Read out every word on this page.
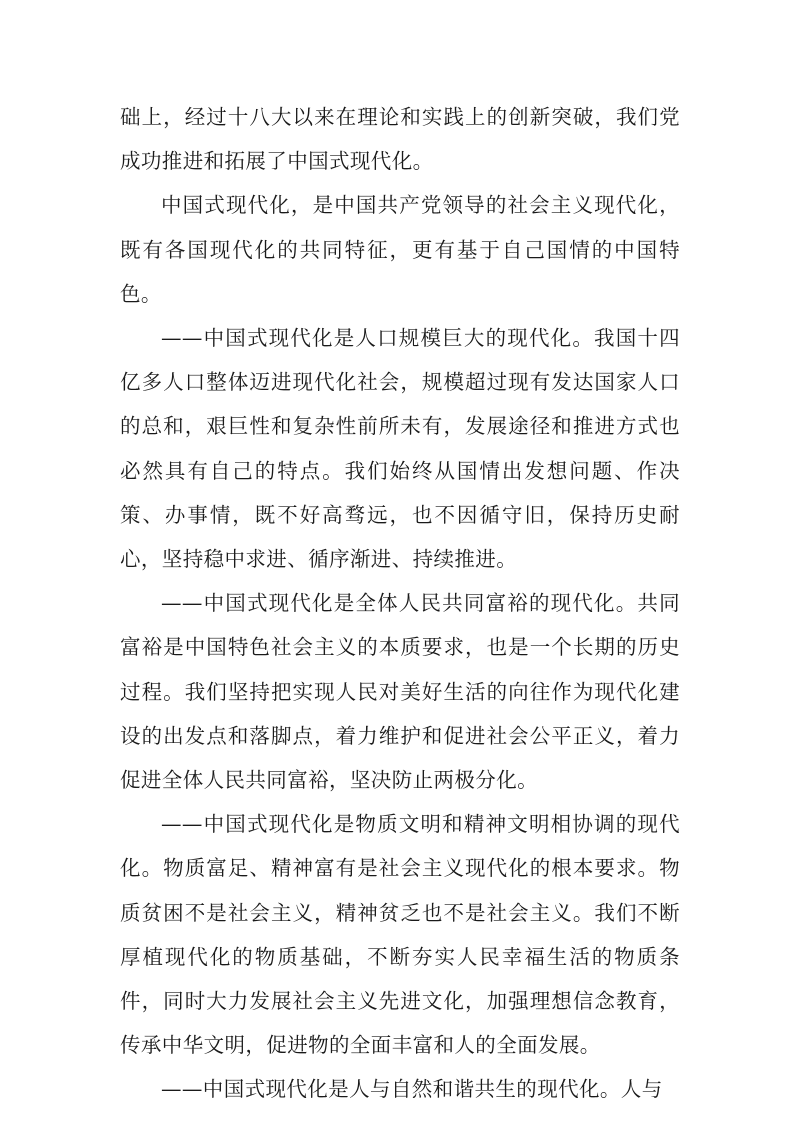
础上，经过十八大以来在理论和实践上的创新突破，我们党成功推进和拓展了中国式现代化。

中国式现代化，是中国共产党领导的社会主义现代化，既有各国现代化的共同特征，更有基于自己国情的中国特色。

——中国式现代化是人口规模巨大的现代化。我国十四亿多人口整体迈进现代化社会，规模超过现有发达国家人口的总和，艰巨性和复杂性前所未有，发展途径和推进方式也必然具有自己的特点。我们始终从国情出发想问题、作决策、办事情，既不好高骛远，也不因循守旧，保持历史耐心，坚持稳中求进、循序渐进、持续推进。

——中国式现代化是全体人民共同富裕的现代化。共同富裕是中国特色社会主义的本质要求，也是一个长期的历史过程。我们坚持把实现人民对美好生活的向往作为现代化建设的出发点和落脚点，着力维护和促进社会公平正义，着力促进全体人民共同富裕，坚决防止两极分化。

——中国式现代化是物质文明和精神文明相协调的现代化。物质富足、精神富有是社会主义现代化的根本要求。物质贫困不是社会主义，精神贫乏也不是社会主义。我们不断厚植现代化的物质基础，不断夯实人民幸福生活的物质条件，同时大力发展社会主义先进文化，加强理想信念教育，传承中华文明，促进物的全面丰富和人的全面发展。

——中国式现代化是人与自然和谐共生的现代化。人与
